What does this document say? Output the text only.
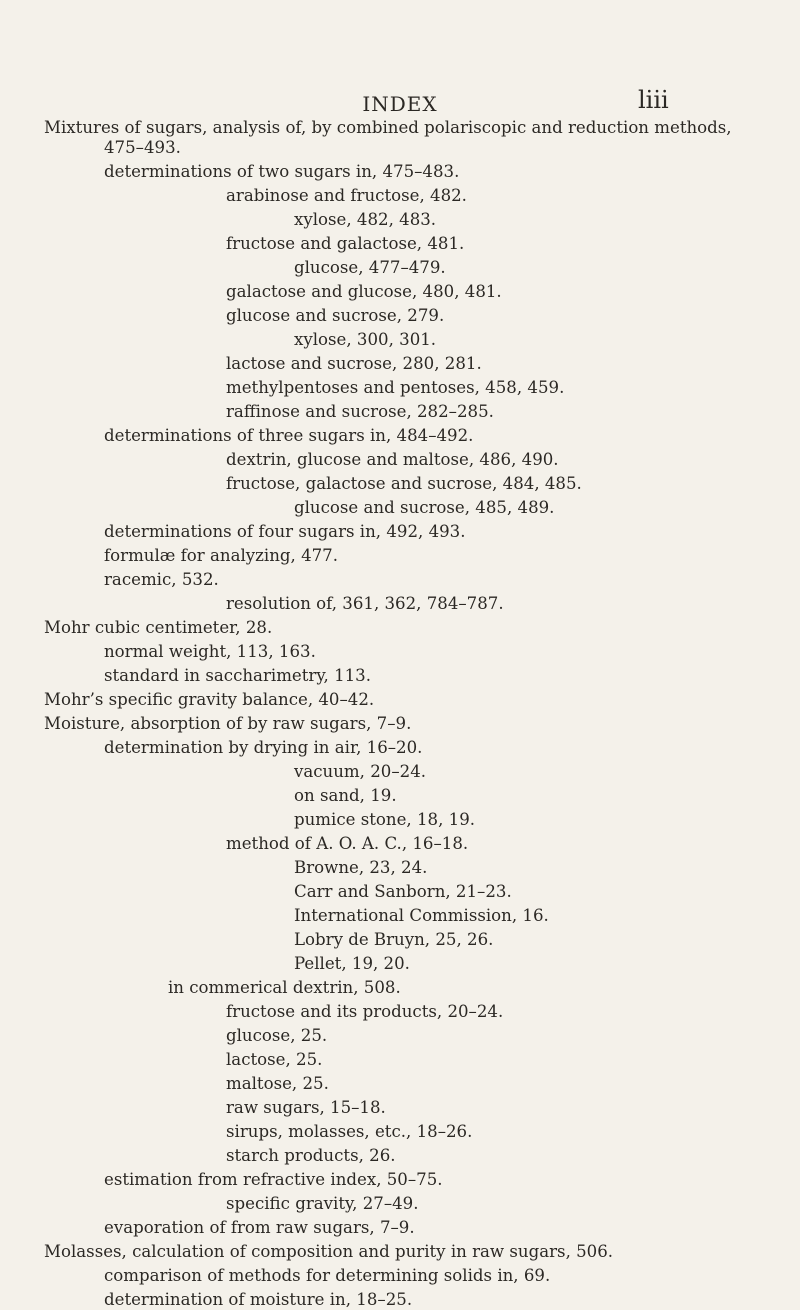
INDEX	liii
Mixtures of sugars, analysis of, by combined polariscopic and reduction methods,
475–493.
determinations of two sugars in, 475–483.
arabinose and fructose, 482.
xylose, 482, 483.
fructose and galactose, 481.
glucose, 477–479.
galactose and glucose, 480, 481.
glucose and sucrose, 279.
xylose, 300, 301.
lactose and sucrose, 280, 281.
methylpentoses and pentoses, 458, 459.
raffinose and sucrose, 282–285.
determinations of three sugars in, 484–492.
dextrin, glucose and maltose, 486, 490.
fructose, galactose and sucrose, 484, 485.
glucose and sucrose, 485, 489.
determinations of four sugars in, 492, 493.
formulæ for analyzing, 477.
racemic, 532.
resolution of, 361, 362, 784–787.
Mohr cubic centimeter, 28.
normal weight, 113, 163.
standard in saccharimetry, 113.
Mohr’s specific gravity balance, 40–42.
Moisture, absorption of by raw sugars, 7–9.
determination by drying in air, 16–20.
vacuum, 20–24.
on sand, 19.
pumice stone, 18, 19.
method of A. O. A. C., 16–18.
Browne, 23, 24.
Carr and Sanborn, 21–23.
International Commission, 16.
Lobry de Bruyn, 25, 26.
Pellet, 19, 20.
in commerical dextrin, 508.
fructose and its products, 20–24.
glucose, 25.
lactose, 25.
maltose, 25.
raw sugars, 15–18.
sirups, molasses, etc., 18–26.
starch products, 26.
estimation from refractive index, 50–75.
specific gravity, 27–49.
evaporation of from raw sugars, 7–9.
Molasses, calculation of composition and purity in raw sugars, 506.
comparison of methods for determining solids in, 69.
determination of moisture in, 18–25.
